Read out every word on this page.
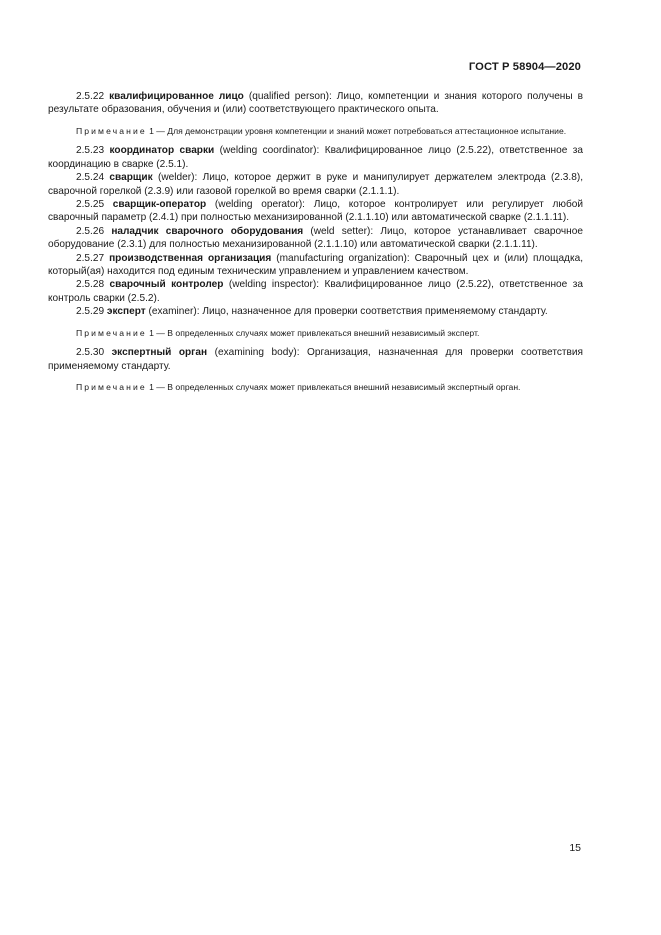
ГОСТ Р 58904—2020

2.5.22 квалифицированное лицо (qualified person): Лицо, компетенции и знания которого получены в результате образования, обучения и (или) соответствующего практического опыта.

Примечание 1 — Для демонстрации уровня компетенции и знаний может потребоваться аттестационное испытание.

2.5.23 координатор сварки (welding coordinator): Квалифицированное лицо (2.5.22), ответственное за координацию в сварке (2.5.1).

2.5.24 сварщик (welder): Лицо, которое держит в руке и манипулирует держателем электрода (2.3.8), сварочной горелкой (2.3.9) или газовой горелкой во время сварки (2.1.1.1).

2.5.25 сварщик-оператор (welding operator): Лицо, которое контролирует или регулирует любой сварочный параметр (2.4.1) при полностью механизированной (2.1.1.10) или автоматической сварке (2.1.1.11).

2.5.26 наладчик сварочного оборудования (weld setter): Лицо, которое устанавливает сварочное оборудование (2.3.1) для полностью механизированной (2.1.1.10) или автоматической сварки (2.1.1.11).

2.5.27 производственная организация (manufacturing organization): Сварочный цех и (или) площадка, который(ая) находится под единым техническим управлением и управлением качеством.

2.5.28 сварочный контролер (welding inspector): Квалифицированное лицо (2.5.22), ответственное за контроль сварки (2.5.2).

2.5.29 эксперт (examiner): Лицо, назначенное для проверки соответствия применяемому стандарту.

Примечание 1 — В определенных случаях может привлекаться внешний независимый эксперт.

2.5.30 экспертный орган (examining body): Организация, назначенная для проверки соответствия применяемому стандарту.

Примечание 1 — В определенных случаях может привлекаться внешний независимый экспертный орган.

15
